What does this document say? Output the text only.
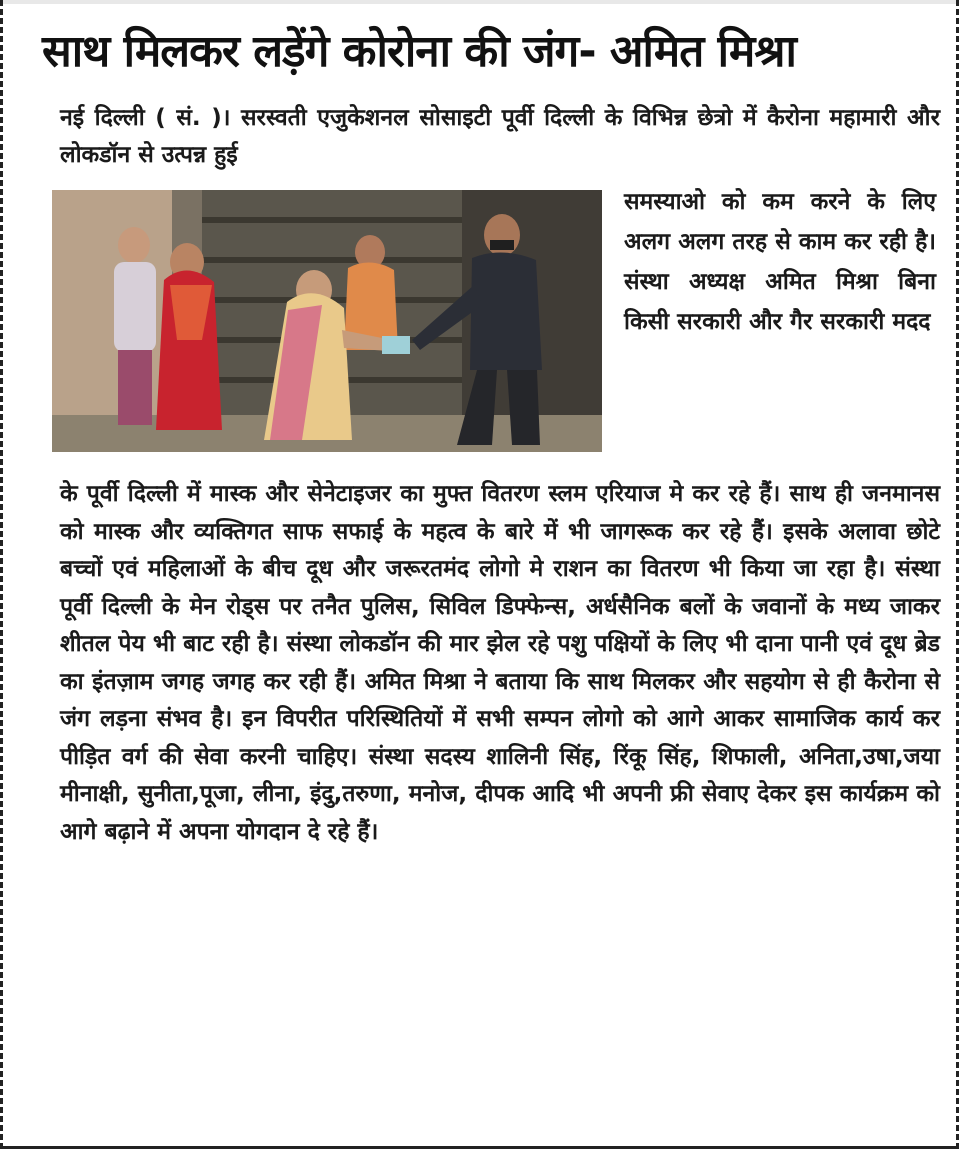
साथ मिलकर लड़ेंगे कोरोना की जंग- अमित मिश्रा
नई दिल्ली ( सं. )। सरस्वती एजुकेशनल सोसाइटी पूर्वी दिल्ली के विभिन्न छेत्रो में कैरोना महामारी और लोकडॉन से उत्पन्न हुई
समस्याओ को कम करने के लिए अलग अलग तरह से काम कर रही है। संस्था अध्यक्ष अमित मिश्रा बिना किसी सरकारी और गैर सरकारी मदद
के पूर्वी दिल्ली में मास्क और सेनेटाइजर का मुफ्त वितरण स्लम एरियाज मे कर रहे हैं। साथ ही जनमानस को मास्क और व्यक्तिगत साफ सफाई के महत्व के बारे में भी जागरूक कर रहे हैं। इसके अलावा छोटे बच्चों एवं महिलाओं के बीच दूध और जरूरतमंद लोगो मे राशन का वितरण भी किया जा रहा है। संस्था पूर्वी दिल्ली के मेन रोड्स पर तनैत पुलिस, सिविल डिफ्फेन्स, अर्धसैनिक बलों के जवानों के मध्य जाकर शीतल पेय भी बाट रही है। संस्था लोकडॉन की मार झेल रहे पशु पक्षियों के लिए भी दाना पानी एवं दूध ब्रेड का इंतज़ाम जगह जगह कर रही हैं। अमित मिश्रा ने बताया कि साथ मिलकर और सहयोग से ही कैरोना से जंग लड़ना संभव है। इन विपरीत परिस्थितियों में सभी सम्पन लोगो को आगे आकर सामाजिक कार्य कर पीड़ित वर्ग की सेवा करनी चाहिए। संस्था सदस्य शालिनी सिंह, रिंकू सिंह, शिफाली, अनिता,उषा,जया मीनाक्षी, सुनीता,पूजा, लीना, इंदु,तरुणा, मनोज, दीपक आदि भी अपनी फ्री सेवाए देकर इस कार्यक्रम को आगे बढ़ाने में अपना योगदान दे रहे हैं।
